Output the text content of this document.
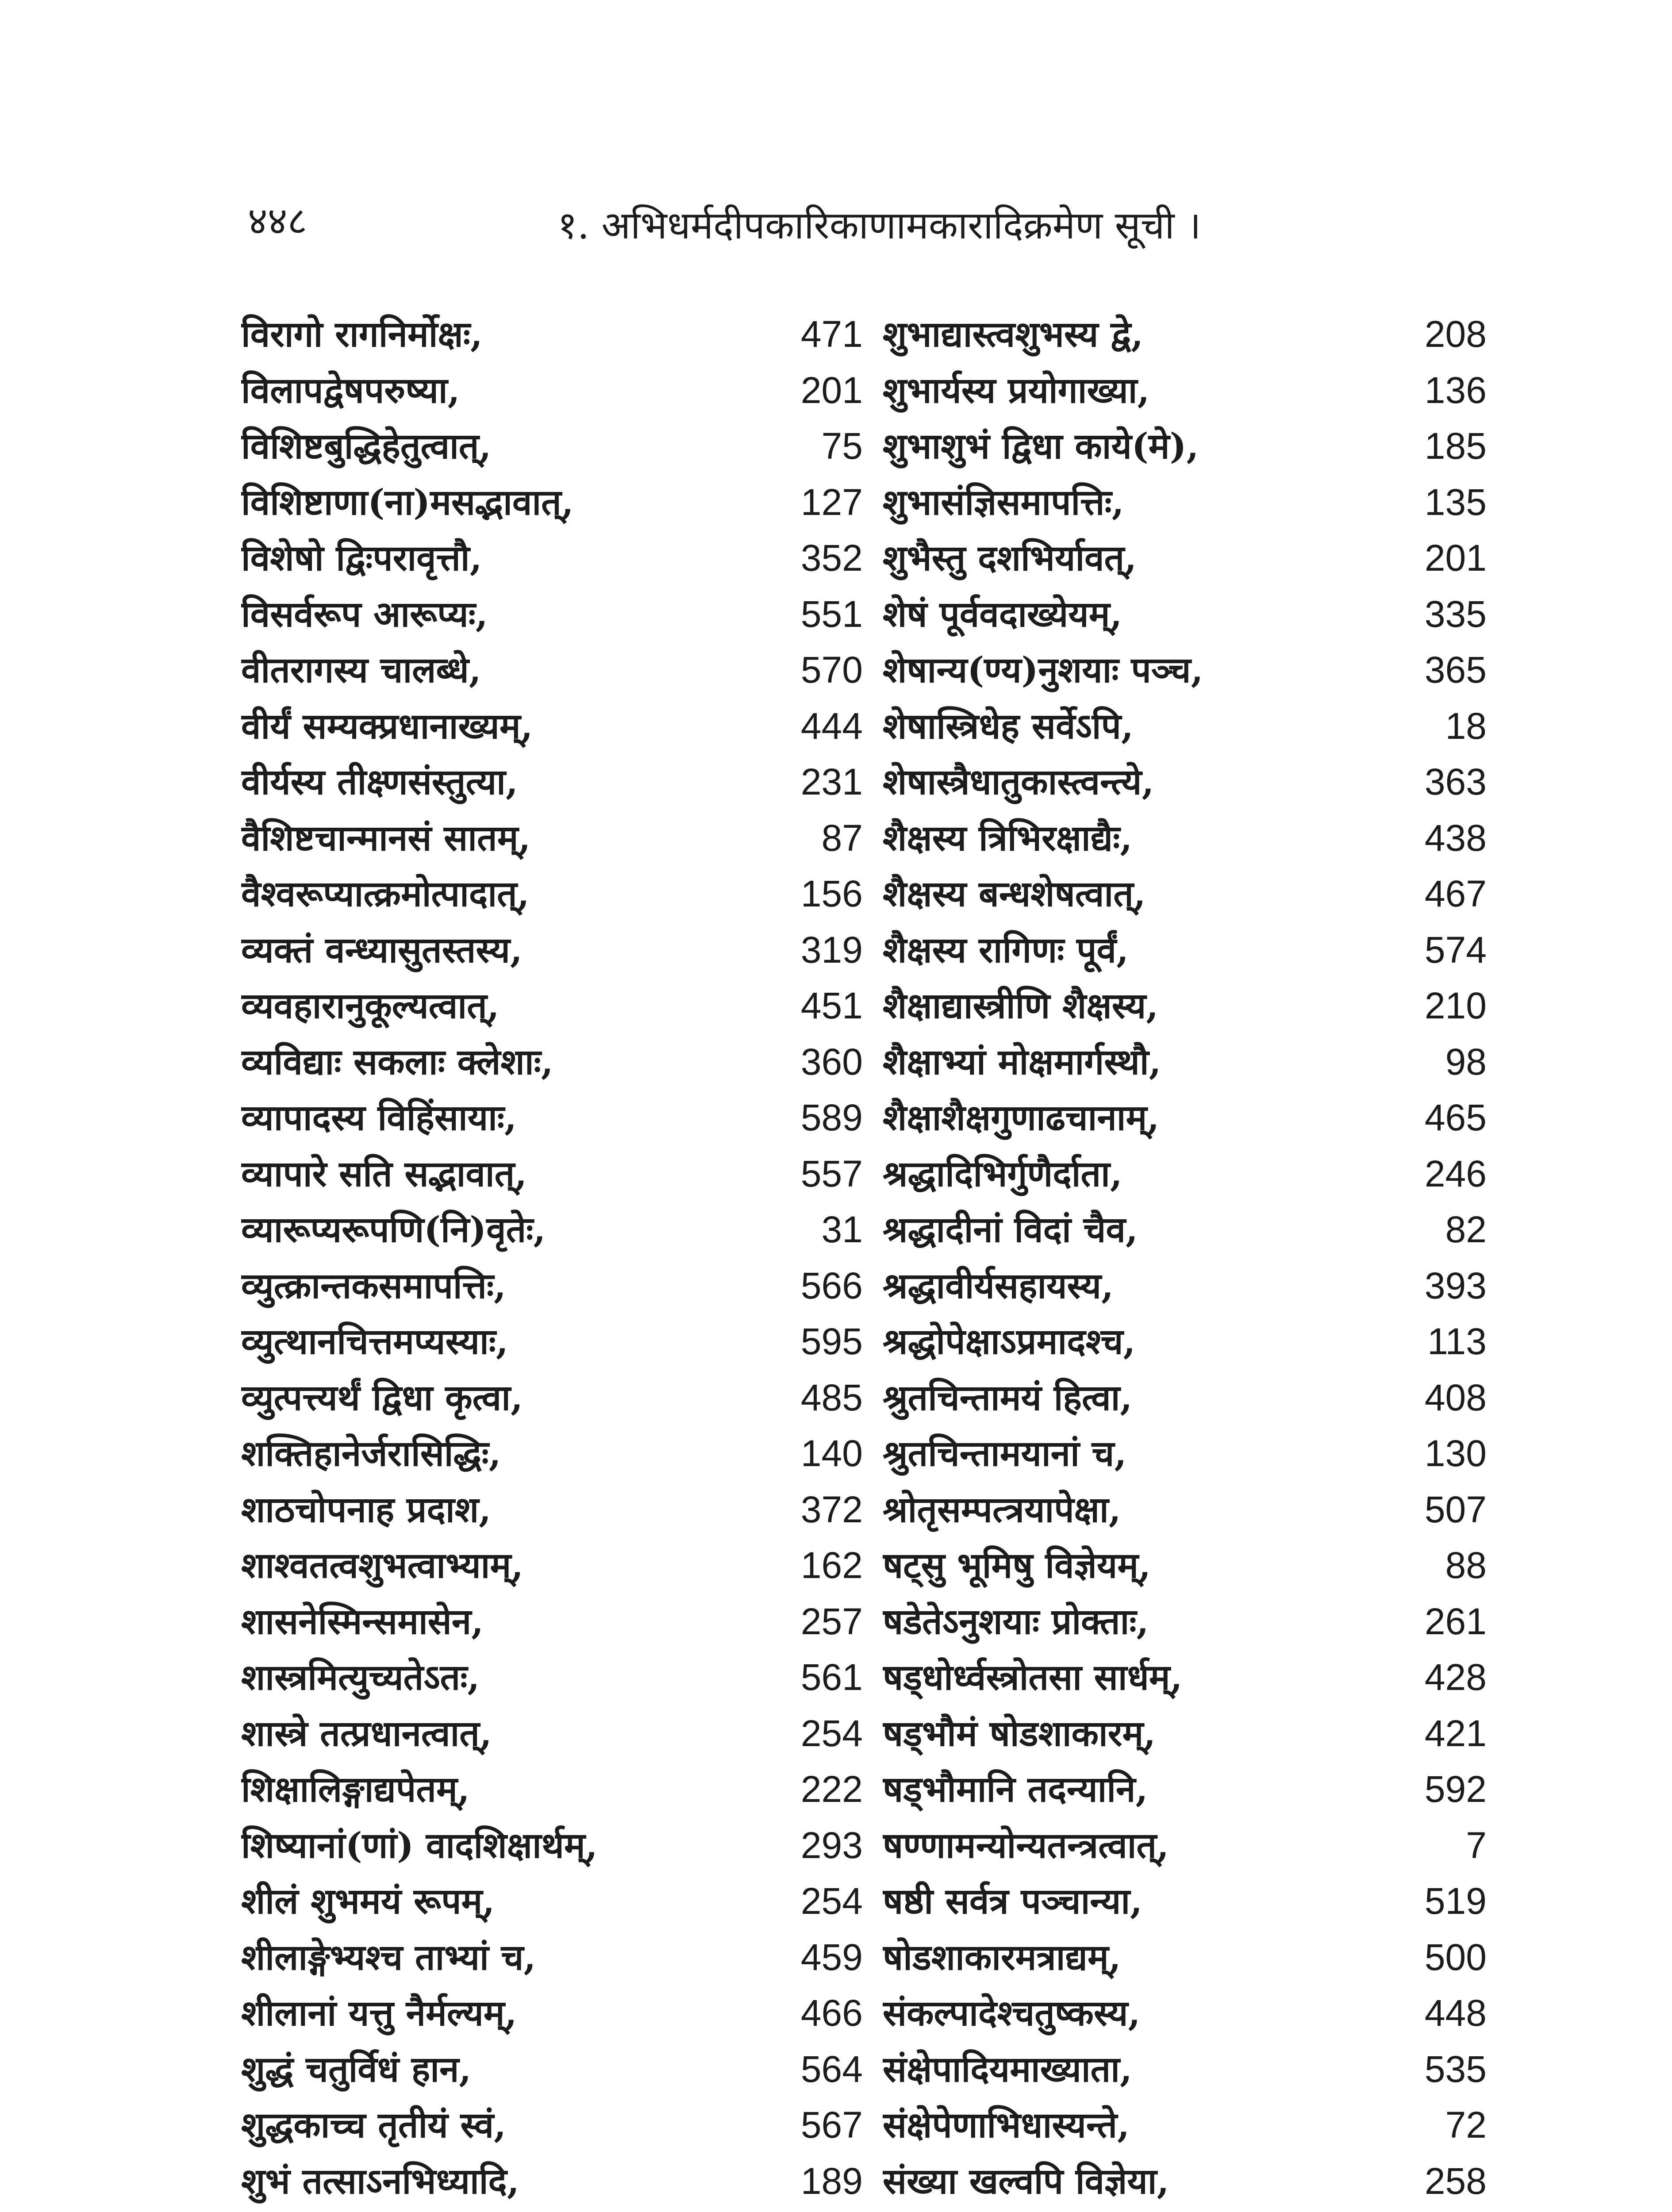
४४८	१. अभिधर्मदीपकारिकाणामकारादिक्रमेण सूची ।
विरागो रागनिर्मोक्षः,	471 शुभाद्यास्त्वशुभस्य द्वे,	208
विलापद्वेषपरुष्या,	201 शुभार्यस्य प्रयोगाख्या,	136
विशिष्टबुद्धिहेतुत्वात्,	75 शुभाशुभं द्विधा काये(मे),	185
विशिष्टाणा(ना)मसद्भावात्,	127 शुभासंज्ञिसमापत्तिः,	135
विशेषो द्विःपरावृत्तौ,	352 शुभैस्तु दशभिर्यावत्,	201
विसर्वरूप आरूप्यः,	551 शेषं पूर्ववदाख्येयम्,	335
वीतरागस्य चालब्धे,	570 शेषान्य(ण्य)नुशयाः पञ्च,	365
वीर्यं सम्यक्प्रधानाख्यम्,	444 शेषास्त्रिधेह सर्वेऽपि,	18
वीर्यस्य तीक्ष्णसंस्तुत्या,	231 शेषास्त्रैधातुकास्त्वन्त्ये,	363
वैशिष्टचान्मानसं सातम्,	87 शैक्षस्य त्रिभिरक्षाद्यैः,	438
वैश्वरूप्यात्क्रमोत्पादात्,	156 शैक्षस्य बन्धशेषत्वात्,	467
व्यक्तं वन्ध्यासुतस्तस्य,	319 शैक्षस्य रागिणः पूर्वं,	574
व्यवहारानुकूल्यत्वात्,	451 शैक्षाद्यास्त्रीणि शैक्षस्य,	210
व्यविद्याः सकलाः क्लेशाः,	360 शैक्षाभ्यां मोक्षमार्गस्थौ,	98
व्यापादस्य विहिंसायाः,	589 शैक्षाशैक्षगुणाढचानाम्,	465
व्यापारे सति सद्भावात्,	557 श्रद्धादिभिर्गुणैर्दाता,	246
व्यारूप्यरूपणि(नि)वृतेः,	31 श्रद्धादीनां विदां चैव,	82
व्युत्क्रान्तकसमापत्तिः,	566 श्रद्धावीर्यसहायस्य,	393
व्युत्थानचित्तमप्यस्याः,	595 श्रद्धोपेक्षाऽप्रमादश्च,	113
व्युत्पत्त्यर्थं द्विधा कृत्वा,	485 श्रुतचिन्तामयं हित्वा,	408
शक्तिहानेर्जरासिद्धिः,	140 श्रुतचिन्तामयानां च,	130
शाठचोपनाह प्रदाश,	372 श्रोतृसम्पत्त्रयापेक्षा,	507
शाश्वतत्वशुभत्वाभ्याम्,	162 षट्सु भूमिषु विज्ञेयम्,	88
शासनेस्मिन्समासेन,	257 षडेतेऽनुशयाः प्रोक्ताः,	261
शास्त्रमित्युच्यतेऽतः,	561 षड्धोर्ध्वस्त्रोतसा सार्धम्,	428
शास्त्रे तत्प्रधानत्वात्,	254 षड्भौमं षोडशाकारम्,	421
शिक्षालिङ्गाद्यपेतम्,	222 षड्भौमानि तदन्यानि,	592
शिष्यानां(णां) वादशिक्षार्थम्,	293 षण्णामन्योन्यतन्त्रत्वात्,	7
शीलं शुभमयं रूपम्,	254 षष्ठी सर्वत्र पञ्चान्या,	519
शीलाङ्गेभ्यश्च ताभ्यां च,	459 षोडशाकारमत्राद्यम्,	500
शीलानां यत्तु नैर्मल्यम्,	466 संकल्पादेश्चतुष्कस्य,	448
शुद्धं चतुर्विधं हान,	564 संक्षेपादियमाख्याता,	535
शुद्धकाच्च तृतीयं स्वं,	567 संक्षेपेणाभिधास्यन्ते,	72
शुभं तत्साऽनभिध्यादि,	189 संख्या खल्वपि विज्ञेया,	258
